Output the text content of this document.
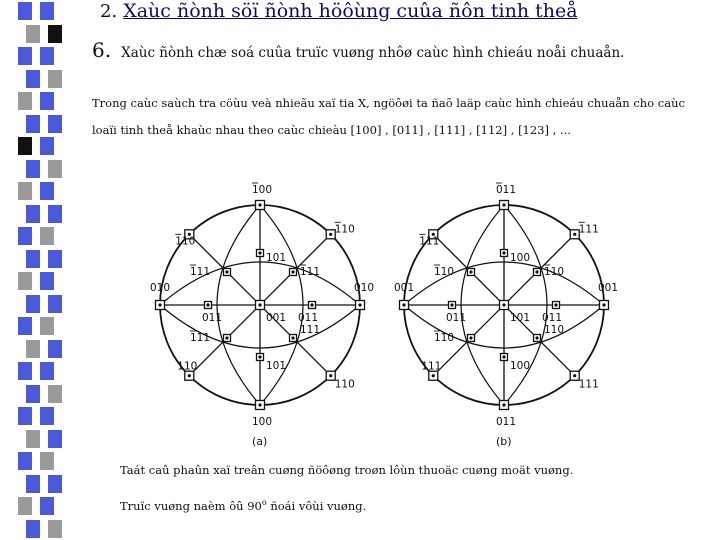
2. Xaùc ñònh söï ñònh höôùng cuûa ñôn tinh theå
6. Xaùc ñònh chæ soá cuûa truïc vuøng nhôø caùc hình chieáu noåi chuaån.
Trong caùc saùch tra cöùu veà nhieãu xaï tia X, ngöôøi ta ñaõ laäp caùc hình chieáu chuaån cho caùc
loaïi tinh theå khaùc nhau theo caùc chieàu [100] , [011] , [111] , [112] , [123] , ...
100
100
010	010
001
110
110
110
110
111	111
111
111
101
101
011	011
(a)
011
011
001	001
101
111
111
111
111
110	110
110
110
100
100
011	011
(b)
Taát caû phaûn xaï treân cuøng ñöôøng troøn lôùn thuoäc cuøng moät vuøng.
Truïc vuøng naèm ôû 90$^o$ ñoái vôùi vuøng.
